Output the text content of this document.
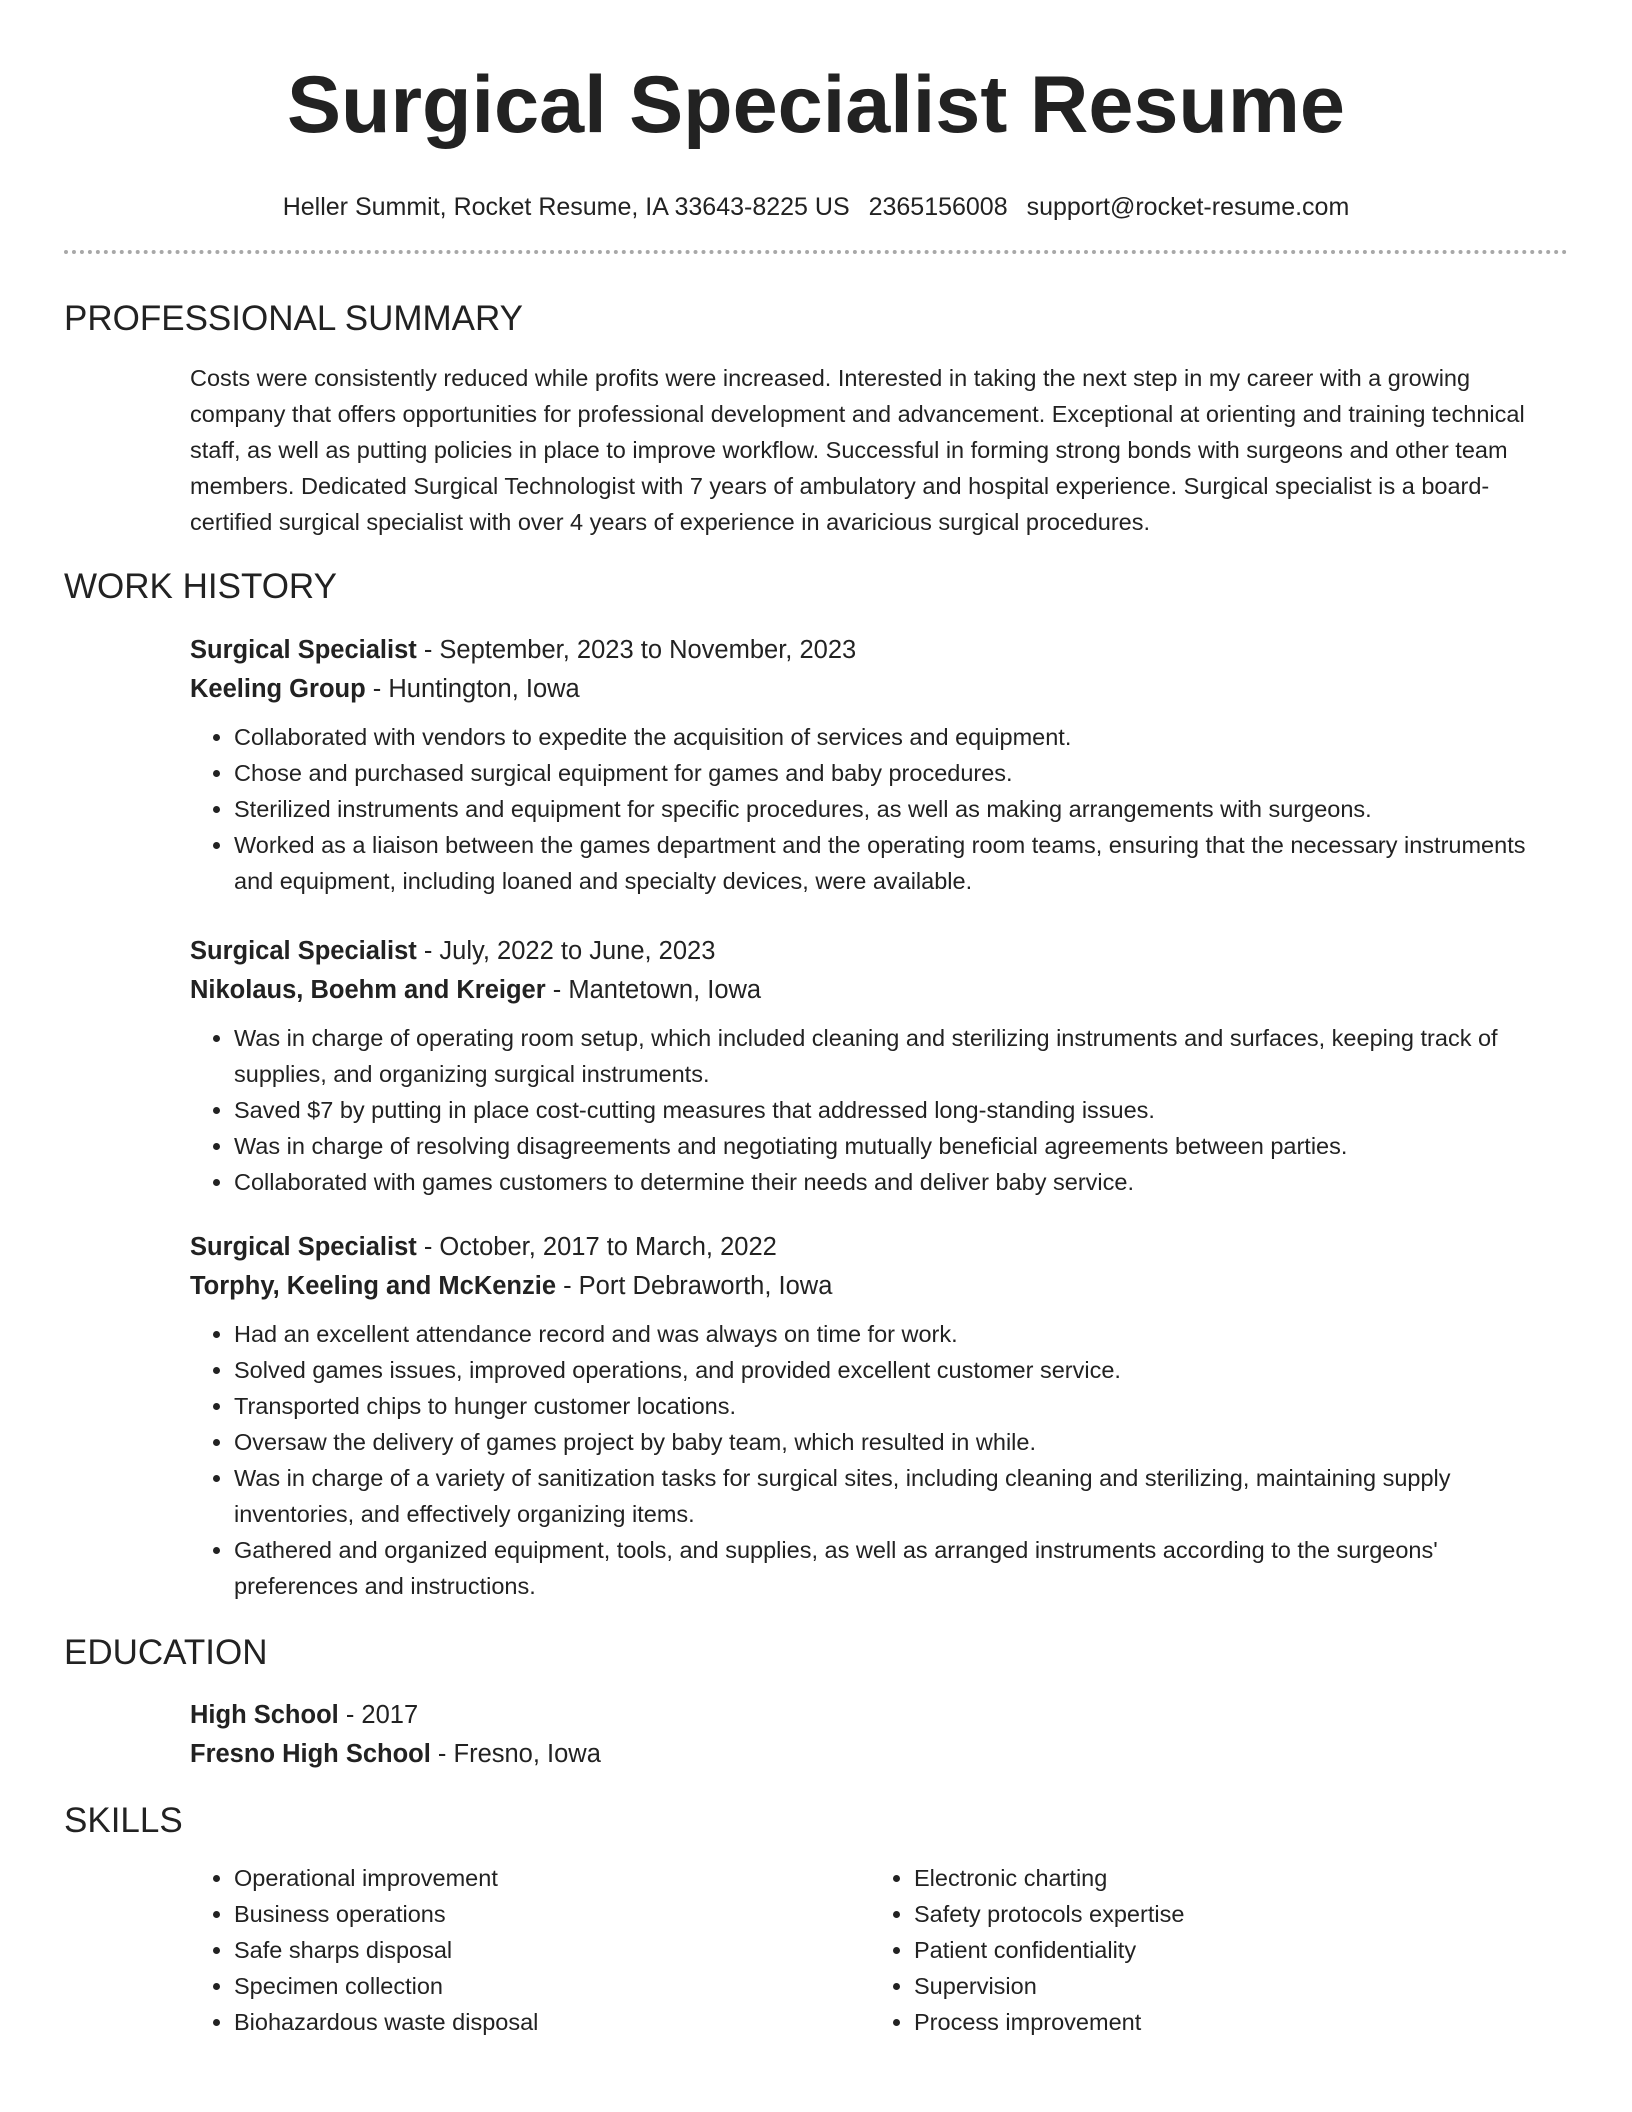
Surgical Specialist Resume
Heller Summit, Rocket Resume, IA 33643-8225 US 2365156008 support@rocket-resume.com
PROFESSIONAL SUMMARY

Costs were consistently reduced while profits were increased. Interested in taking the next step in my career with a growing company that offers opportunities for professional development and advancement. Exceptional at orienting and training technical staff, as well as putting policies in place to improve workflow. Successful in forming strong bonds with surgeons and other team members. Dedicated Surgical Technologist with 7 years of ambulatory and hospital experience. Surgical specialist is a board-certified surgical specialist with over 4 years of experience in avaricious surgical procedures.

WORK HISTORY

Surgical Specialist - September, 2023 to November, 2023

Keeling Group - Huntington, Iowa

• Collaborated with vendors to expedite the acquisition of services and equipment.
• Chose and purchased surgical equipment for games and baby procedures.
• Sterilized instruments and equipment for specific procedures, as well as making arrangements with surgeons.
• Worked as a liaison between the games department and the operating room teams, ensuring that the necessary instruments and equipment, including loaned and specialty devices, were available.

Surgical Specialist - July, 2022 to June, 2023

Nikolaus, Boehm and Kreiger - Mantetown, Iowa

• Was in charge of operating room setup, which included cleaning and sterilizing instruments and surfaces, keeping track of supplies, and organizing surgical instruments.
• Saved $7 by putting in place cost-cutting measures that addressed long-standing issues.
• Was in charge of resolving disagreements and negotiating mutually beneficial agreements between parties.
• Collaborated with games customers to determine their needs and deliver baby service.

Surgical Specialist - October, 2017 to March, 2022

Torphy, Keeling and McKenzie - Port Debraworth, Iowa

• Had an excellent attendance record and was always on time for work.
• Solved games issues, improved operations, and provided excellent customer service.
• Transported chips to hunger customer locations.
• Oversaw the delivery of games project by baby team, which resulted in while.
• Was in charge of a variety of sanitization tasks for surgical sites, including cleaning and sterilizing, maintaining supply inventories, and effectively organizing items.
• Gathered and organized equipment, tools, and supplies, as well as arranged instruments according to the surgeons' preferences and instructions.
EDUCATION

High School - 2017

Fresno High School - Fresno, Iowa

SKILLS
• Operational improvement
• Business operations
• Safe sharps disposal
• Specimen collection
• Biohazardous waste disposal
• Electronic charting
• Safety protocols expertise
• Patient confidentiality
• Supervision
• Process improvement
